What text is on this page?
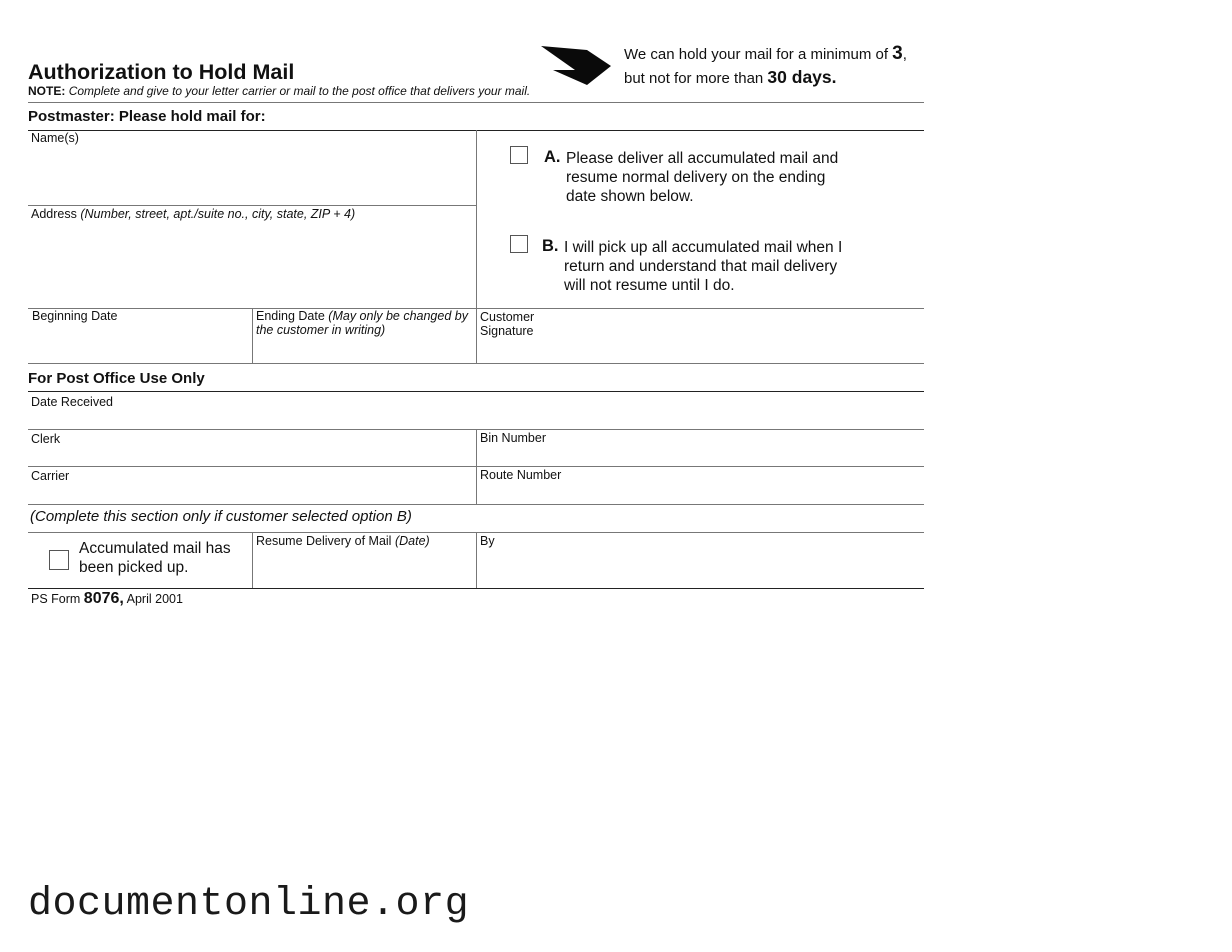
Authorization to Hold Mail
NOTE: Complete and give to your letter carrier or mail to the post office that delivers your mail.
We can hold your mail for a minimum of 3,
but not for more than 30 days.
Postmaster: Please hold mail for:
Name(s)
Address (Number, street, apt./suite no., city, state, ZIP + 4)
A. Please deliver all accumulated mail and resume normal delivery on the ending date shown below.
B. I will pick up all accumulated mail when I return and understand that mail delivery will not resume until I do.
Beginning Date	Ending Date (May only be changed by the customer in writing)
Customer Signature
For Post Office Use Only
Date Received
Clerk	Bin Number
Carrier	Route Number
(Complete this section only if customer selected option B)
Accumulated mail has been picked up.
Resume Delivery of Mail (Date)	By
PS Form 8076, April 2001
documentonline.org
